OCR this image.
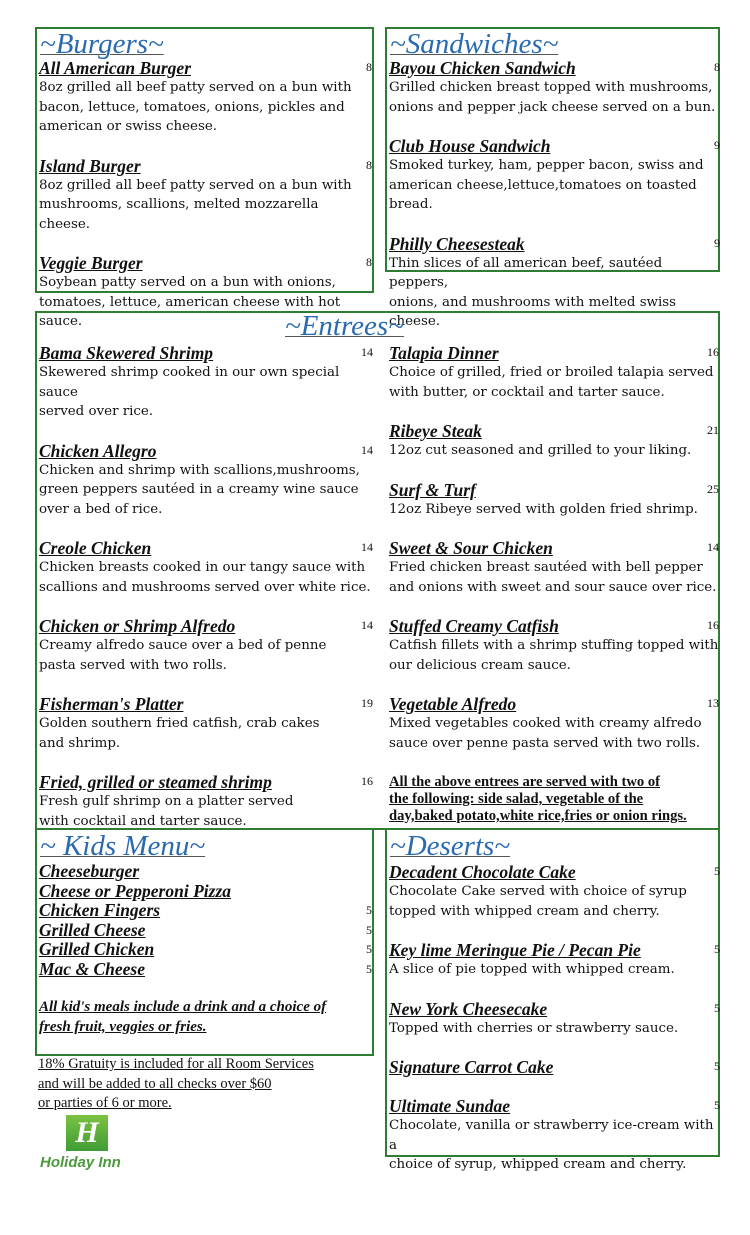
~Burgers~
All American Burger	8
8oz grilled all beef patty served on a bun with
bacon, lettuce, tomatoes, onions, pickles and
american or swiss cheese.
Island Burger	8
8oz grilled all beef patty served on a bun with
mushrooms, scallions, melted mozzarella cheese.
Veggie Burger	8
Soybean patty served on a bun with onions,
tomatoes, lettuce, american cheese with hot sauce.
~Sandwiches~
Bayou Chicken Sandwich	8
Grilled chicken breast topped with mushrooms,
onions and pepper jack cheese served on a bun.
Club House Sandwich	9
Smoked turkey, ham, pepper bacon, swiss and
american cheese,lettuce,tomatoes on toasted bread.
Philly Cheesesteak	9
Thin slices of all american beef, sautéed peppers,
onions, and mushrooms with melted swiss cheese.
~Entrees~
Bama Skewered Shrimp	14
Skewered shrimp cooked in our own special sauce
served over rice.
Chicken Allegro	14
Chicken and shrimp with scallions,mushrooms,
green peppers sautéed in a creamy wine sauce
over a bed of rice.
Creole Chicken	14
Chicken breasts cooked in our tangy sauce with
scallions and mushrooms served over white rice.
Chicken or Shrimp Alfredo	14
Creamy alfredo sauce over a bed of penne
pasta served with two rolls.
Fisherman's Platter	19
Golden southern fried catfish, crab cakes
and shrimp.
Fried, grilled or steamed shrimp	16
Fresh gulf shrimp on a platter served
with cocktail and tarter sauce.
Talapia Dinner	16
Choice of grilled, fried or broiled talapia served
with butter, or cocktail and tarter sauce.
Ribeye Steak	21
12oz cut seasoned and grilled to your liking.
Surf & Turf	25
12oz Ribeye served with golden fried shrimp.
Sweet & Sour Chicken	14
Fried chicken breast sautéed with bell pepper
and onions with sweet and sour sauce over rice.
Stuffed Creamy Catfish	16
Catfish fillets with a shrimp stuffing topped with
our delicious cream sauce.
Vegetable Alfredo	13
Mixed vegetables cooked with creamy alfredo
sauce over penne pasta served with two rolls.
All the above entrees are served with two of
the following: side salad, vegetable of the
day,baked potato,white rice,fries or onion rings.
~ Kids Menu~
Cheeseburger
Cheese or Pepperoni Pizza
Chicken Fingers	5
Grilled Cheese	5
Grilled Chicken	5
Mac & Cheese	5
All kid's meals include a drink and a choice of
fresh fruit, veggies or fries.
~Deserts~
Decadent Chocolate Cake	5
Chocolate Cake served with choice of syrup
topped with whipped cream and cherry.
Key lime Meringue Pie / Pecan Pie	5
A slice of pie topped with whipped cream.
New York Cheesecake	5
Topped with cherries or strawberry sauce.
Signature Carrot Cake	5
Ultimate Sundae	5
Chocolate, vanilla or strawberry ice-cream with a
choice of syrup, whipped cream and cherry.
18% Gratuity is included for all Room Services
and will be added to all checks over $60
or parties of 6 or more.
H
Holiday Inn
